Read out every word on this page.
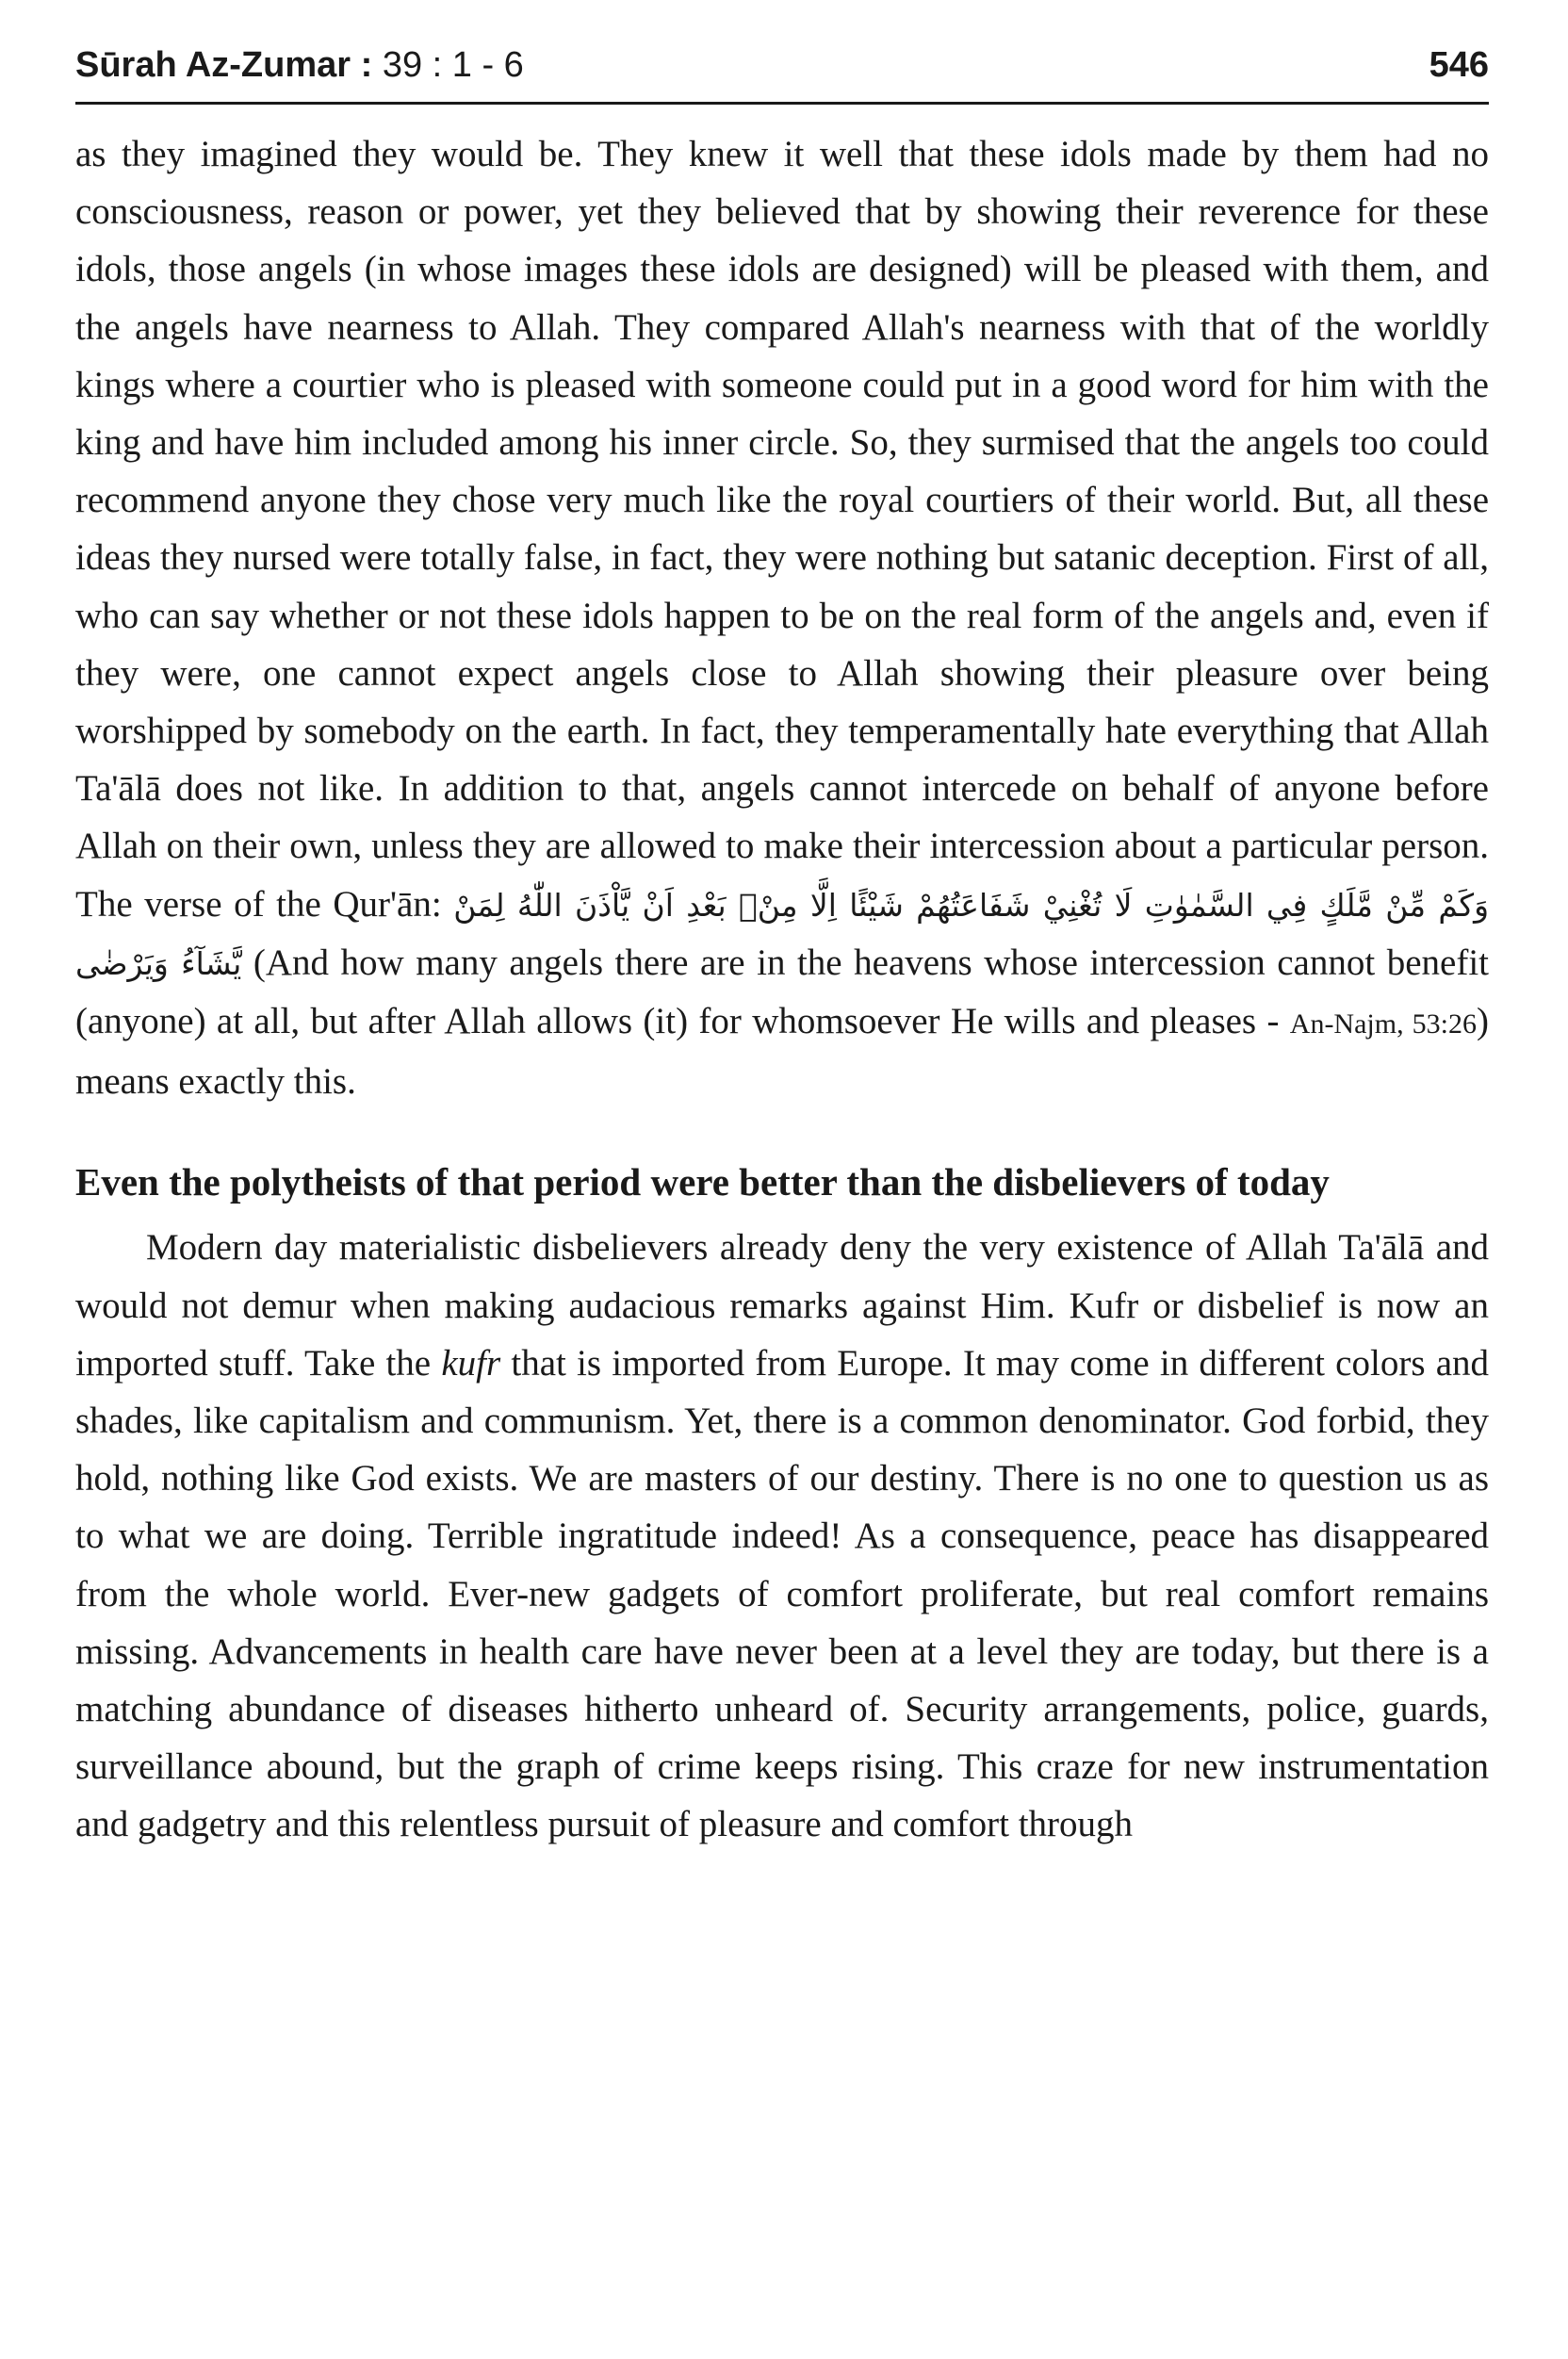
Sūrah Az-Zumar : 39 : 1 - 6	546

as they imagined they would be. They knew it well that these idols made by them had no consciousness, reason or power, yet they believed that by showing their reverence for these idols, those angels (in whose images these idols are designed) will be pleased with them, and the angels have nearness to Allah. They compared Allah's nearness with that of the worldly kings where a courtier who is pleased with someone could put in a good word for him with the king and have him included among his inner circle. So, they surmised that the angels too could recommend anyone they chose very much like the royal courtiers of their world. But, all these ideas they nursed were totally false, in fact, they were nothing but satanic deception. First of all, who can say whether or not these idols happen to be on the real form of the angels and, even if they were, one cannot expect angels close to Allah showing their pleasure over being worshipped by somebody on the earth. In fact, they temperamentally hate everything that Allah Ta'ālā does not like. In addition to that, angels cannot intercede on behalf of anyone before Allah on their own, unless they are allowed to make their intercession about a particular person. The verse of the Qur'ān: وَكَمْ مِّنْ مَّلَكٍ فِي السَّمٰوٰتِ لَا تُغْنِيْ شَفَاعَتُهُمْ شَيْئًا اِلَّا مِنْۢ بَعْدِ اَنْ يَّاْذَنَ اللّٰهُ لِمَنْ يَّشَآءُ وَيَرْضٰى (And how many angels there are in the heavens whose intercession cannot benefit (anyone) at all, but after Allah allows (it) for whomsoever He wills and pleases - An-Najm, 53:26) means exactly this.

Even the polytheists of that period were better than the disbelievers of today

Modern day materialistic disbelievers already deny the very existence of Allah Ta'ālā and would not demur when making audacious remarks against Him. Kufr or disbelief is now an imported stuff. Take the kufr that is imported from Europe. It may come in different colors and shades, like capitalism and communism. Yet, there is a common denominator. God forbid, they hold, nothing like God exists. We are masters of our destiny. There is no one to question us as to what we are doing. Terrible ingratitude indeed! As a consequence, peace has disappeared from the whole world. Ever-new gadgets of comfort proliferate, but real comfort remains missing. Advancements in health care have never been at a level they are today, but there is a matching abundance of diseases hitherto unheard of. Security arrangements, police, guards, surveillance abound, but the graph of crime keeps rising. This craze for new instrumentation and gadgetry and this relentless pursuit of pleasure and comfort through
